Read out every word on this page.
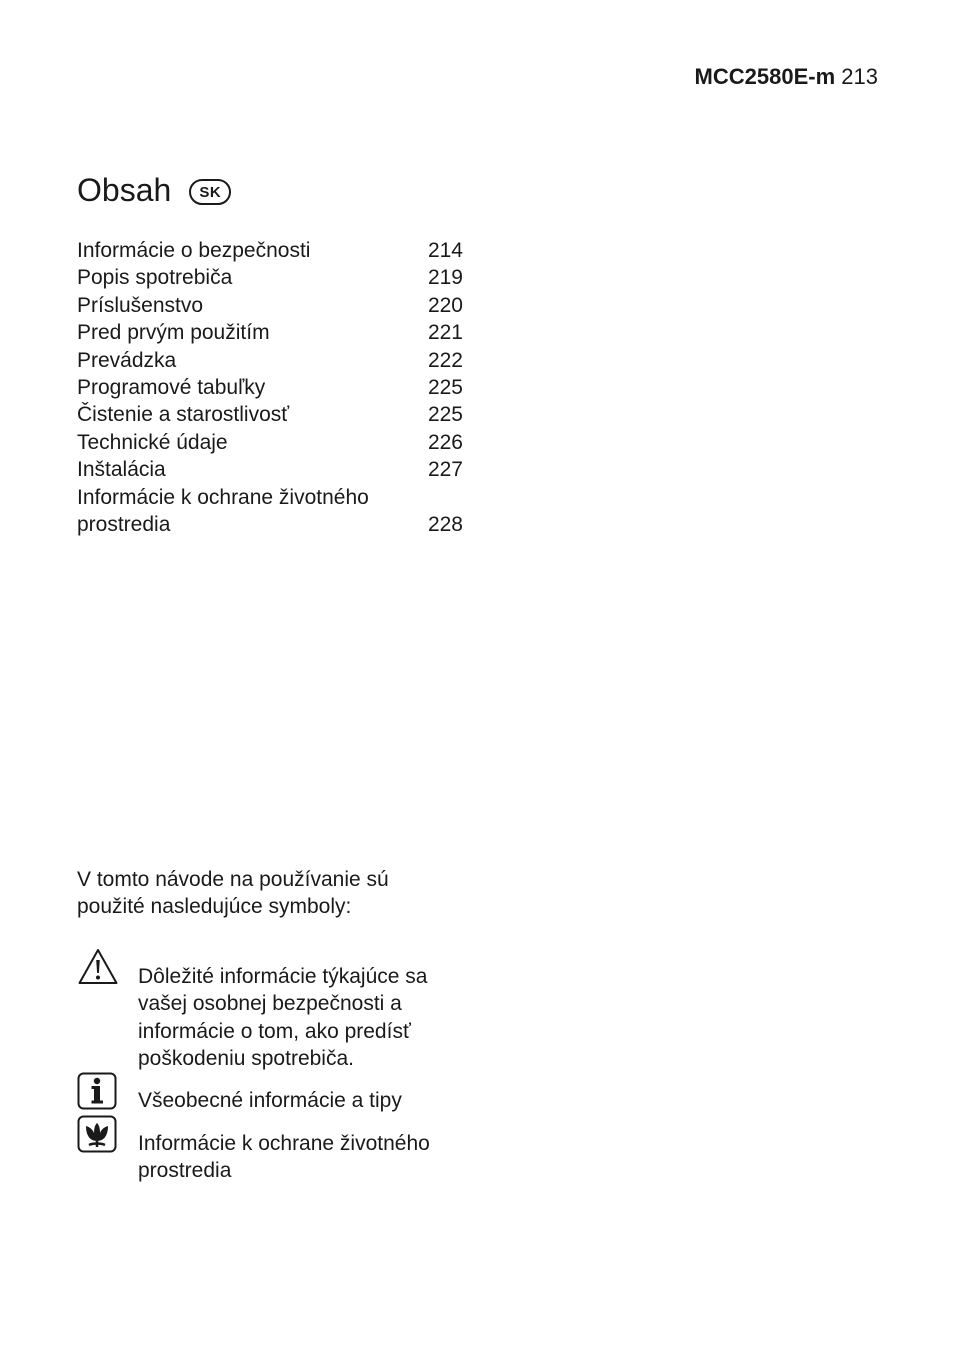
MCC2580E-m 213
Obsah	SK
Informácie o bezpečnosti	214
Popis spotrebiča	219
Príslušenstvo	220
Pred prvým použitím	221
Prevádzka	222
Programové tabuľky	225
Čistenie a starostlivosť	225
Technické údaje	226
Inštalácia	227
Informácie k ochrane životného
prostredia	228
V tomto návode na používanie sú
použité nasledujúce symboly:
Dôležité informácie týkajúce sa
vašej osobnej bezpečnosti a
informácie o tom, ako predísť
poškodeniu spotrebiča.
Všeobecné informácie a tipy
Informácie k ochrane životného
prostredia
